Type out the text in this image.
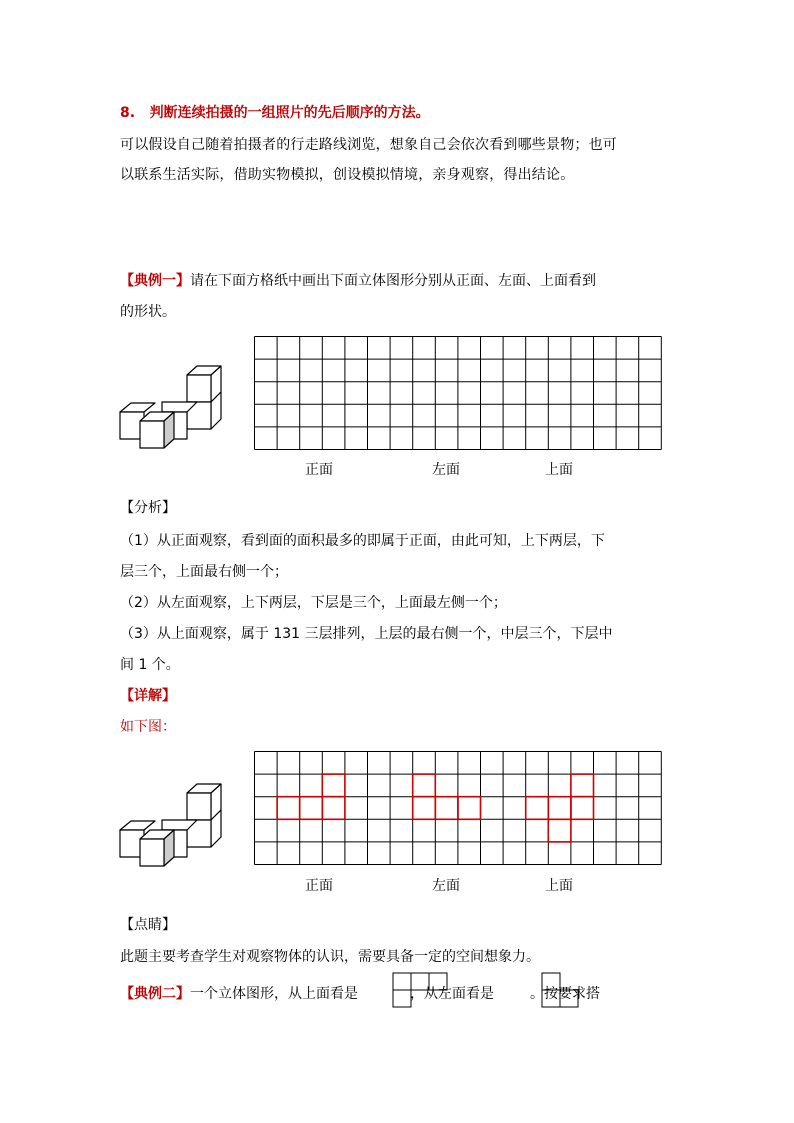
8.   判断连续拍摄的一组照片的先后顺序的方法。
可以假设自己随着拍摄者的行走路线浏览，想象自己会依次看到哪些景物；也可
以联系生活实际，借助实物模拟，创设模拟情境，亲身观察，得出结论。
【典例一】请在下面方格纸中画出下面立体图形分别从正面、左面、上面看到
的形状。
正面	左面	上面
【分析】
（1）从正面观察，看到面的面积最多的即属于正面，由此可知，上下两层，下
层三个，上面最右侧一个；
（2）从左面观察，上下两层，下层是三个，上面最左侧一个；
（3）从上面观察，属于 131 三层排列，上层的最右侧一个，中层三个，下层中
间 1 个。
【详解】
如下图：
正面	左面	上面
【点睛】
此题主要考查学生对观察物体的认识，需要具备一定的空间想象力。
【典例二】一个立体图形，从上面看是	，从左面看是	。按要求搭
